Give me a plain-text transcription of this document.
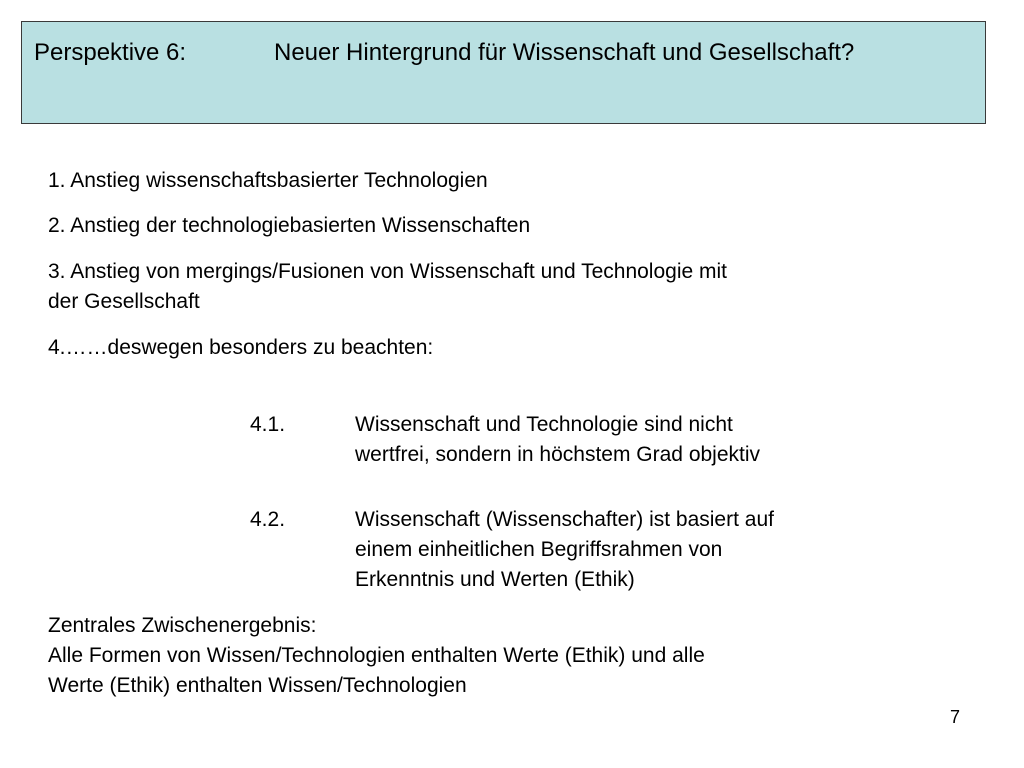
Perspektive 6:	Neuer Hintergrund für Wissenschaft und Gesellschaft?
1. Anstieg wissenschaftsbasierter Technologien
2. Anstieg der technologiebasierten Wissenschaften
3. Anstieg von mergings/Fusionen von Wissenschaft und Technologie mit
der Gesellschaft
4.……deswegen besonders zu beachten:
4.1.	Wissenschaft und Technologie sind nicht
wertfrei, sondern in höchstem Grad objektiv
4.2.	Wissenschaft (Wissenschafter) ist basiert auf
einem einheitlichen Begriffsrahmen von
Erkenntnis und Werten (Ethik)
Zentrales Zwischenergebnis:
Alle Formen von Wissen/Technologien enthalten Werte (Ethik) und alle
Werte (Ethik) enthalten Wissen/Technologien
7
